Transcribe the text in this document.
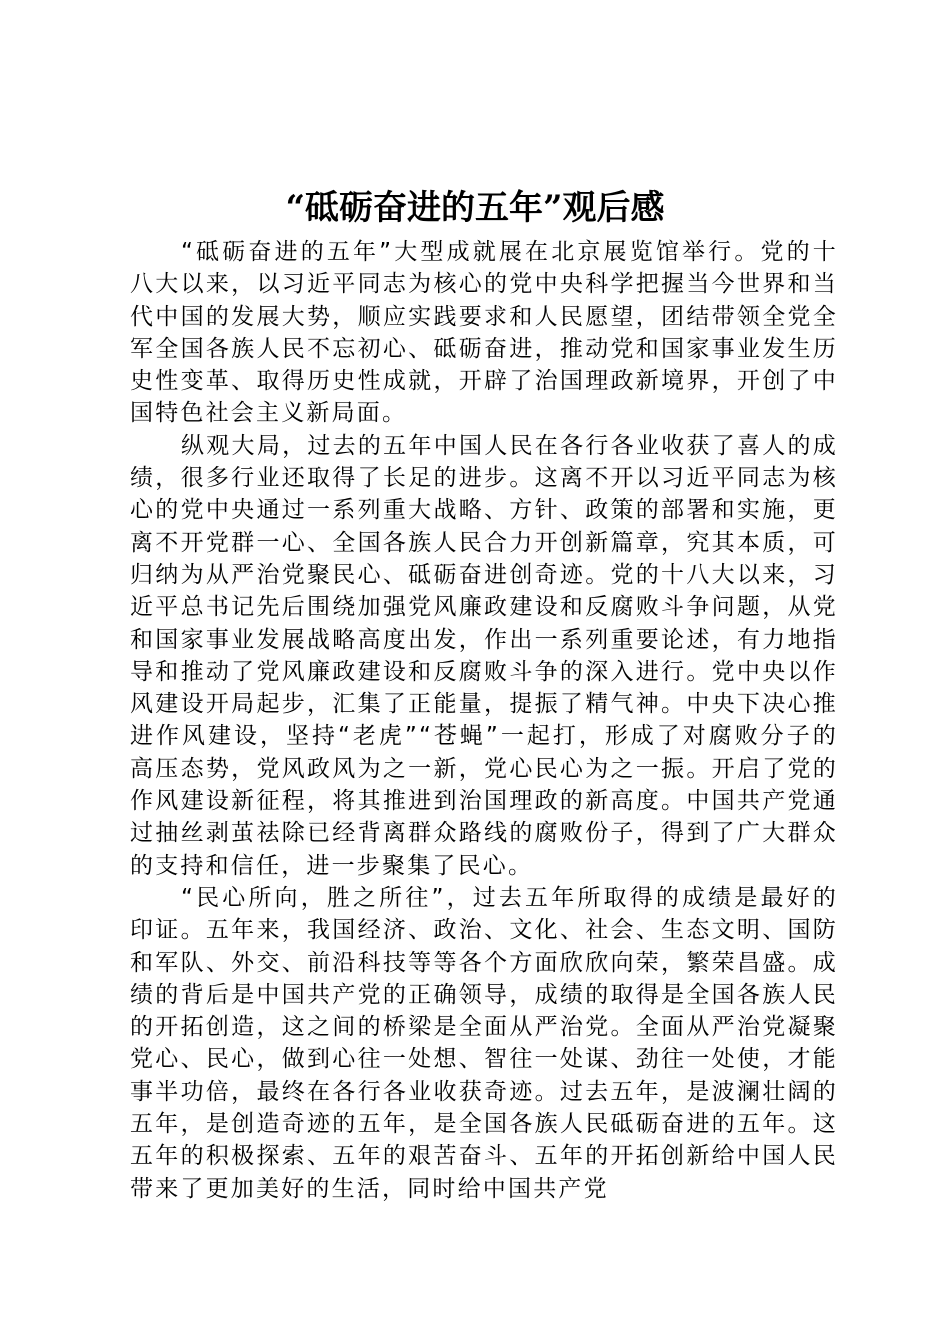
“砥砺奋进的五年”观后感

“砥砺奋进的五年”大型成就展在北京展览馆举行。党的十八大以来，以习近平同志为核心的党中央科学把握当今世界和当代中国的发展大势，顺应实践要求和人民愿望，团结带领全党全军全国各族人民不忘初心、砥砺奋进，推动党和国家事业发生历史性变革、取得历史性成就，开辟了治国理政新境界，开创了中国特色社会主义新局面。

纵观大局，过去的五年中国人民在各行各业收获了喜人的成绩，很多行业还取得了长足的进步。这离不开以习近平同志为核心的党中央通过一系列重大战略、方针、政策的部署和实施，更离不开党群一心、全国各族人民合力开创新篇章，究其本质，可归纳为从严治党聚民心、砥砺奋进创奇迹。党的十八大以来，习近平总书记先后围绕加强党风廉政建设和反腐败斗争问题，从党和国家事业发展战略高度出发，作出一系列重要论述，有力地指导和推动了党风廉政建设和反腐败斗争的深入进行。党中央以作风建设开局起步，汇集了正能量，提振了精气神。中央下决心推进作风建设，坚持“老虎”“苍蝇”一起打，形成了对腐败分子的高压态势，党风政风为之一新，党心民心为之一振。开启了党的作风建设新征程，将其推进到治国理政的新高度。中国共产党通过抽丝剥茧祛除已经背离群众路线的腐败份子，得到了广大群众的支持和信任，进一步聚集了民心。

“民心所向，胜之所往”，过去五年所取得的成绩是最好的印证。五年来，我国经济、政治、文化、社会、生态文明、国防和军队、外交、前沿科技等等各个方面欣欣向荣，繁荣昌盛。成绩的背后是中国共产党的正确领导，成绩的取得是全国各族人民的开拓创造，这之间的桥梁是全面从严治党。全面从严治党凝聚党心、民心，做到心往一处想、智往一处谋、劲往一处使，才能事半功倍，最终在各行各业收获奇迹。过去五年，是波澜壮阔的五年，是创造奇迹的五年，是全国各族人民砥砺奋进的五年。这五年的积极探索、五年的艰苦奋斗、五年的开拓创新给中国人民带来了更加美好的生活，同时给中国共产党
